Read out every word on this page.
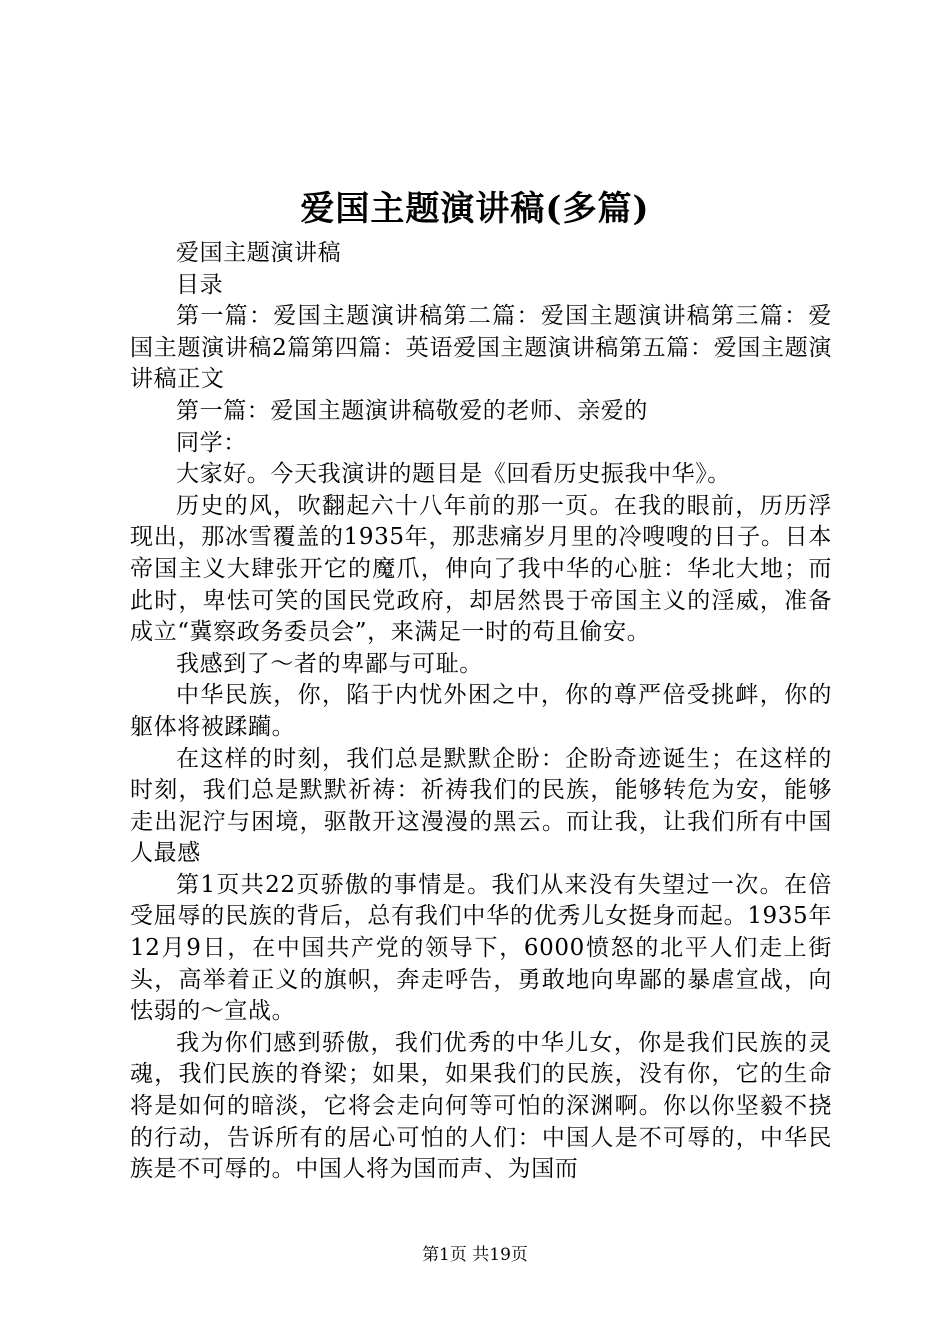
爱国主题演讲稿(多篇)

爱国主题演讲稿

目录

第一篇：爱国主题演讲稿第二篇：爱国主题演讲稿第三篇：爱国主题演讲稿2篇第四篇：英语爱国主题演讲稿第五篇：爱国主题演讲稿正文

第一篇：爱国主题演讲稿敬爱的老师、亲爱的

同学：

大家好。今天我演讲的题目是《回看历史振我中华》。

历史的风，吹翻起六十八年前的那一页。在我的眼前，历历浮现出，那冰雪覆盖的1935年，那悲痛岁月里的冷嗖嗖的日子。日本帝国主义大肆张开它的魔爪，伸向了我中华的心脏：华北大地；而此时，卑怯可笑的国民党政府，却居然畏于帝国主义的淫威，准备成立“冀察政务委员会”，来满足一时的苟且偷安。

我感到了～者的卑鄙与可耻。

中华民族，你，陷于内忧外困之中，你的尊严倍受挑衅，你的躯体将被蹂躏。

在这样的时刻，我们总是默默企盼：企盼奇迹诞生；在这样的时刻，我们总是默默祈祷：祈祷我们的民族，能够转危为安，能够走出泥泞与困境，驱散开这漫漫的黑云。而让我，让我们所有中国人最感

第1页共22页骄傲的事情是。我们从来没有失望过一次。在倍受屈辱的民族的背后，总有我们中华的优秀儿女挺身而起。1935年12月9日，在中国共产党的领导下，6000愤怒的北平人们走上街头，高举着正义的旗帜，奔走呼告，勇敢地向卑鄙的暴虐宣战，向怯弱的～宣战。

我为你们感到骄傲，我们优秀的中华儿女，你是我们民族的灵魂，我们民族的脊梁；如果，如果我们的民族，没有你，它的生命将是如何的暗淡，它将会走向何等可怕的深渊啊。你以你坚毅不挠的行动，告诉所有的居心可怕的人们：中国人是不可辱的，中华民族是不可辱的。中国人将为国而声、为国而

第1页 共19页
